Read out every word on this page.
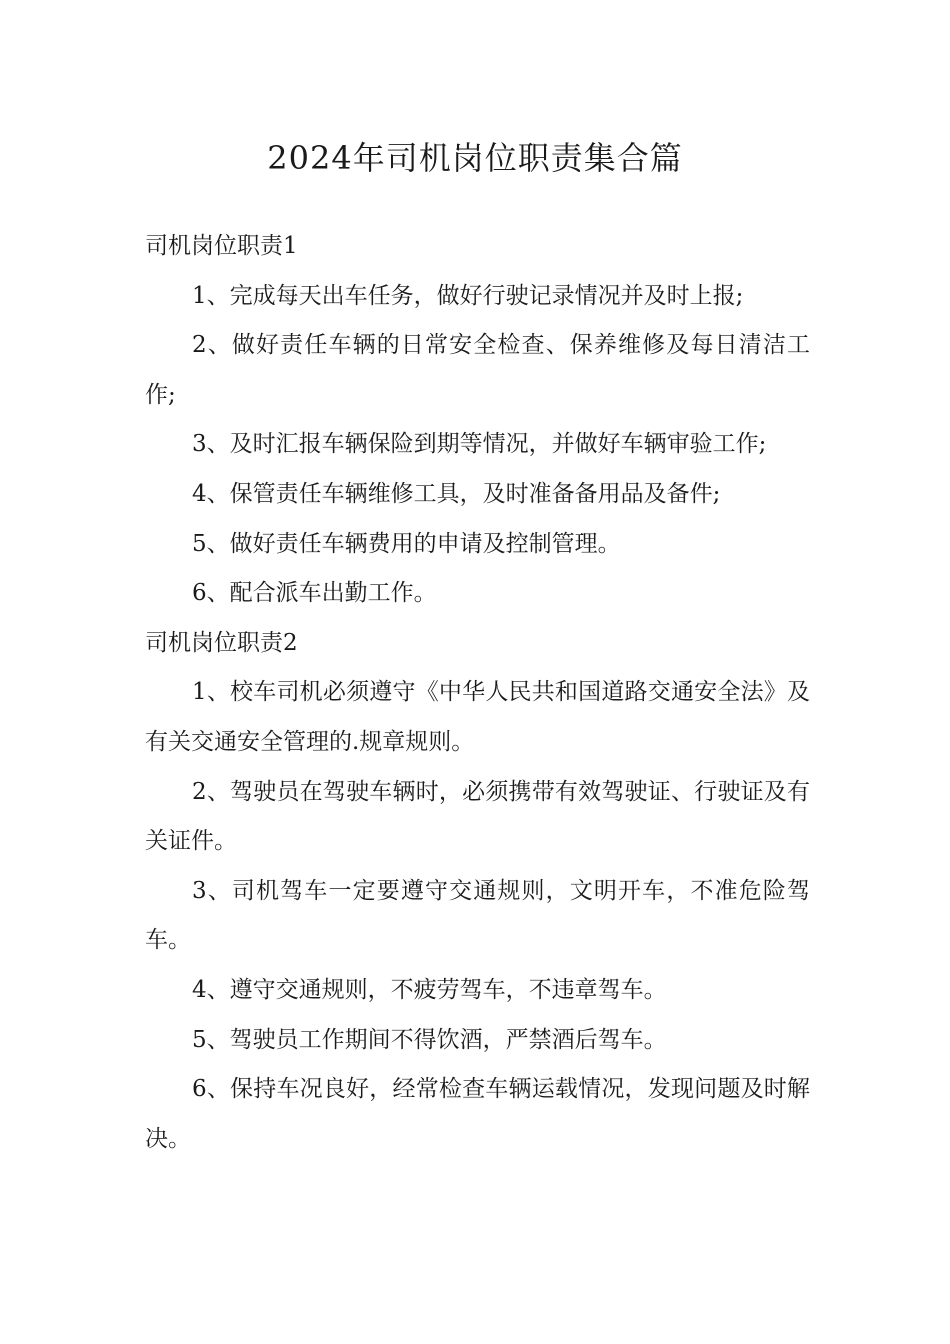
2024年司机岗位职责集合篇

司机岗位职责1

1、完成每天出车任务，做好行驶记录情况并及时上报;

2、做好责任车辆的日常安全检查、保养维修及每日清洁工作;

3、及时汇报车辆保险到期等情况，并做好车辆审验工作;

4、保管责任车辆维修工具，及时准备备用品及备件;

5、做好责任车辆费用的申请及控制管理。

6、配合派车出勤工作。

司机岗位职责2

1、校车司机必须遵守《中华人民共和国道路交通安全法》及有关交通安全管理的.规章规则。

2、驾驶员在驾驶车辆时，必须携带有效驾驶证、行驶证及有关证件。

3、司机驾车一定要遵守交通规则，文明开车，不准危险驾车。

4、遵守交通规则，不疲劳驾车，不违章驾车。

5、驾驶员工作期间不得饮酒，严禁酒后驾车。

6、保持车况良好，经常检查车辆运载情况，发现问题及时解决。
